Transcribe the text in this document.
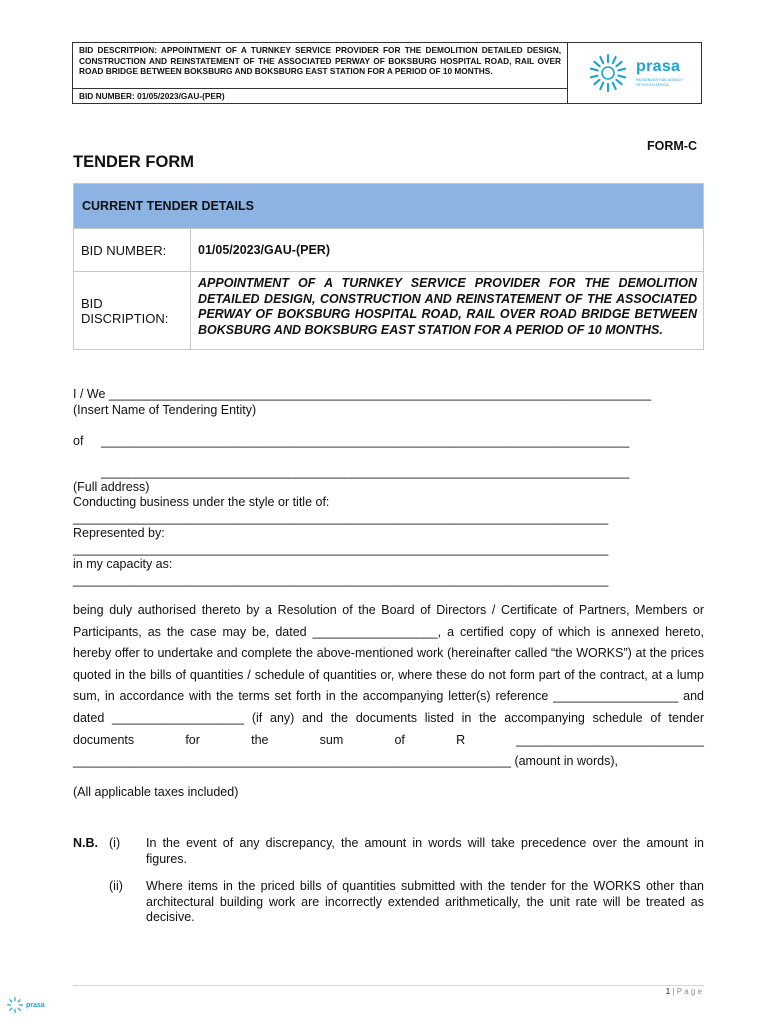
BID DESCRITPION: APPOINTMENT OF A TURNKEY SERVICE PROVIDER FOR THE DEMOLITION DETAILED DESIGN, CONSTRUCTION AND REINSTATEMENT OF THE ASSOCIATED PERWAY OF BOKSBURG HOSPITAL ROAD, RAIL OVER ROAD BRIDGE BETWEEN BOKSBURG AND BOKSBURG EAST STATION FOR A PERIOD OF 10 MONTHS.
BID NUMBER: 01/05/2023/GAU-(PER)
prasa
PASSENGER RAIL AGENCY
OF SOUTH AFRICA
FORM-C
TENDER FORM
CURRENT TENDER DETAILS	
BID NUMBER:	01/05/2023/GAU-(PER)

BID
DISCRIPTION:	APPOINTMENT OF A TURNKEY SERVICE PROVIDER FOR THE DEMOLITION DETAILED DESIGN, CONSTRUCTION AND REINSTATEMENT OF THE ASSOCIATED PERWAY OF BOKSBURG HOSPITAL ROAD, RAIL OVER ROAD BRIDGE BETWEEN BOKSBURG AND BOKSBURG EAST STATION FOR A PERIOD OF 10 MONTHS.
I / We ______________________________________________________________________________
(Insert Name of Tendering Entity)
of ____________________________________________________________________________
____________________________________________________________________________
(Full address)
Conducting business under the style or title of:
_____________________________________________________________________________
Represented by:
_____________________________________________________________________________
in my capacity as:
_____________________________________________________________________________
being duly authorised thereto by a Resolution of the Board of Directors / Certificate of Partners, Members or Participants, as the case may be, dated __________________, a certified copy of which is annexed hereto, hereby offer to undertake and complete the above-mentioned work (hereinafter called “the WORKS”) at the prices quoted in the bills of quantities / schedule of quantities or, where these do not form part of the contract, at a lump sum, in accordance with the terms set forth in the accompanying letter(s) reference __________________ and dated ___________________ (if any) and the documents listed in the accompanying schedule of tender documents for the sum of R ___________________________ _______________________________________________________________ (amount in words),
(All applicable taxes included)
N.B. (i)	In the event of any discrepancy, the amount in words will take precedence over the amount in figures.
(ii)	Where items in the priced bills of quantities submitted with the tender for the WORKS other than architectural building work are incorrectly extended arithmetically, the unit rate will be treated as decisive.
1 | P a g e
prasa
